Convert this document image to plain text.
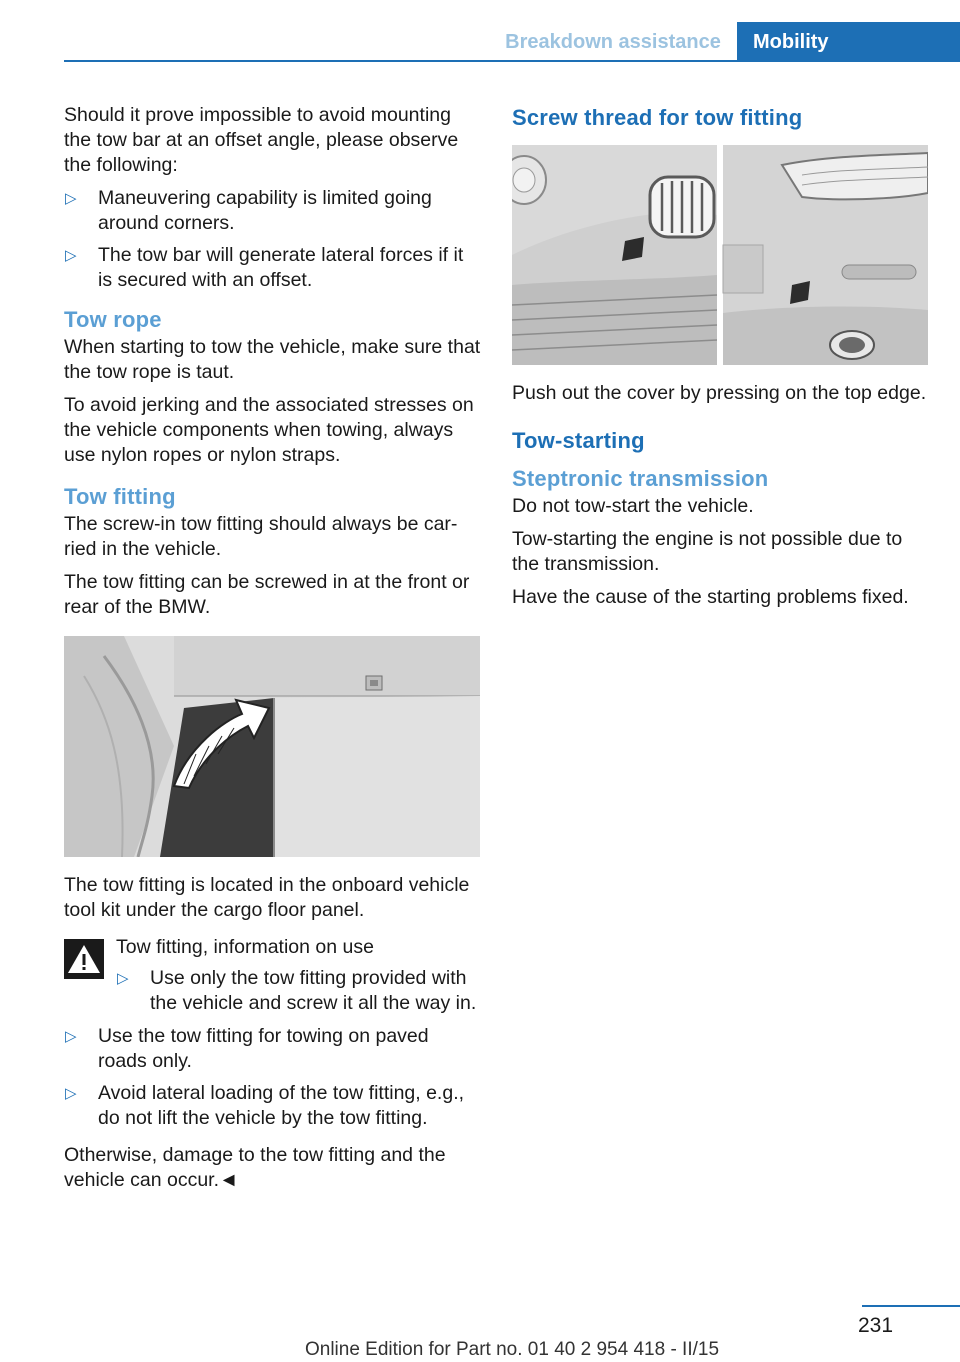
Breakdown assistance	Mobility

Should it prove impossible to avoid mounting the tow bar at an offset angle, please observe the following:

▷ Maneuvering capability is limited going around corners.
▷ The tow bar will generate lateral forces if it is secured with an offset.
Tow rope

When starting to tow the vehicle, make sure that the tow rope is taut.

To avoid jerking and the associated stresses on the vehicle components when towing, always use nylon ropes or nylon straps.

Tow fitting

The screw-in tow fitting should always be carried in the vehicle.

The tow fitting can be screwed in at the front or rear of the BMW.

The tow fitting is located in the onboard vehicle tool kit under the cargo floor panel.

Tow fitting, information on use

▷ Use only the tow fitting provided with the vehicle and screw it all the way in.
▷ Use the tow fitting for towing on paved roads only.
▷ Avoid lateral loading of the tow fitting, e.g., do not lift the vehicle by the tow fitting.

Otherwise, damage to the tow fitting and the vehicle can occur.◄

Screw thread for tow fitting

Push out the cover by pressing on the top edge.

Tow-starting
Steptronic transmission

Do not tow-start the vehicle.

Tow-starting the engine is not possible due to the transmission.

Have the cause of the starting problems fixed.

231
Online Edition for Part no. 01 40 2 954 418 - II/15
